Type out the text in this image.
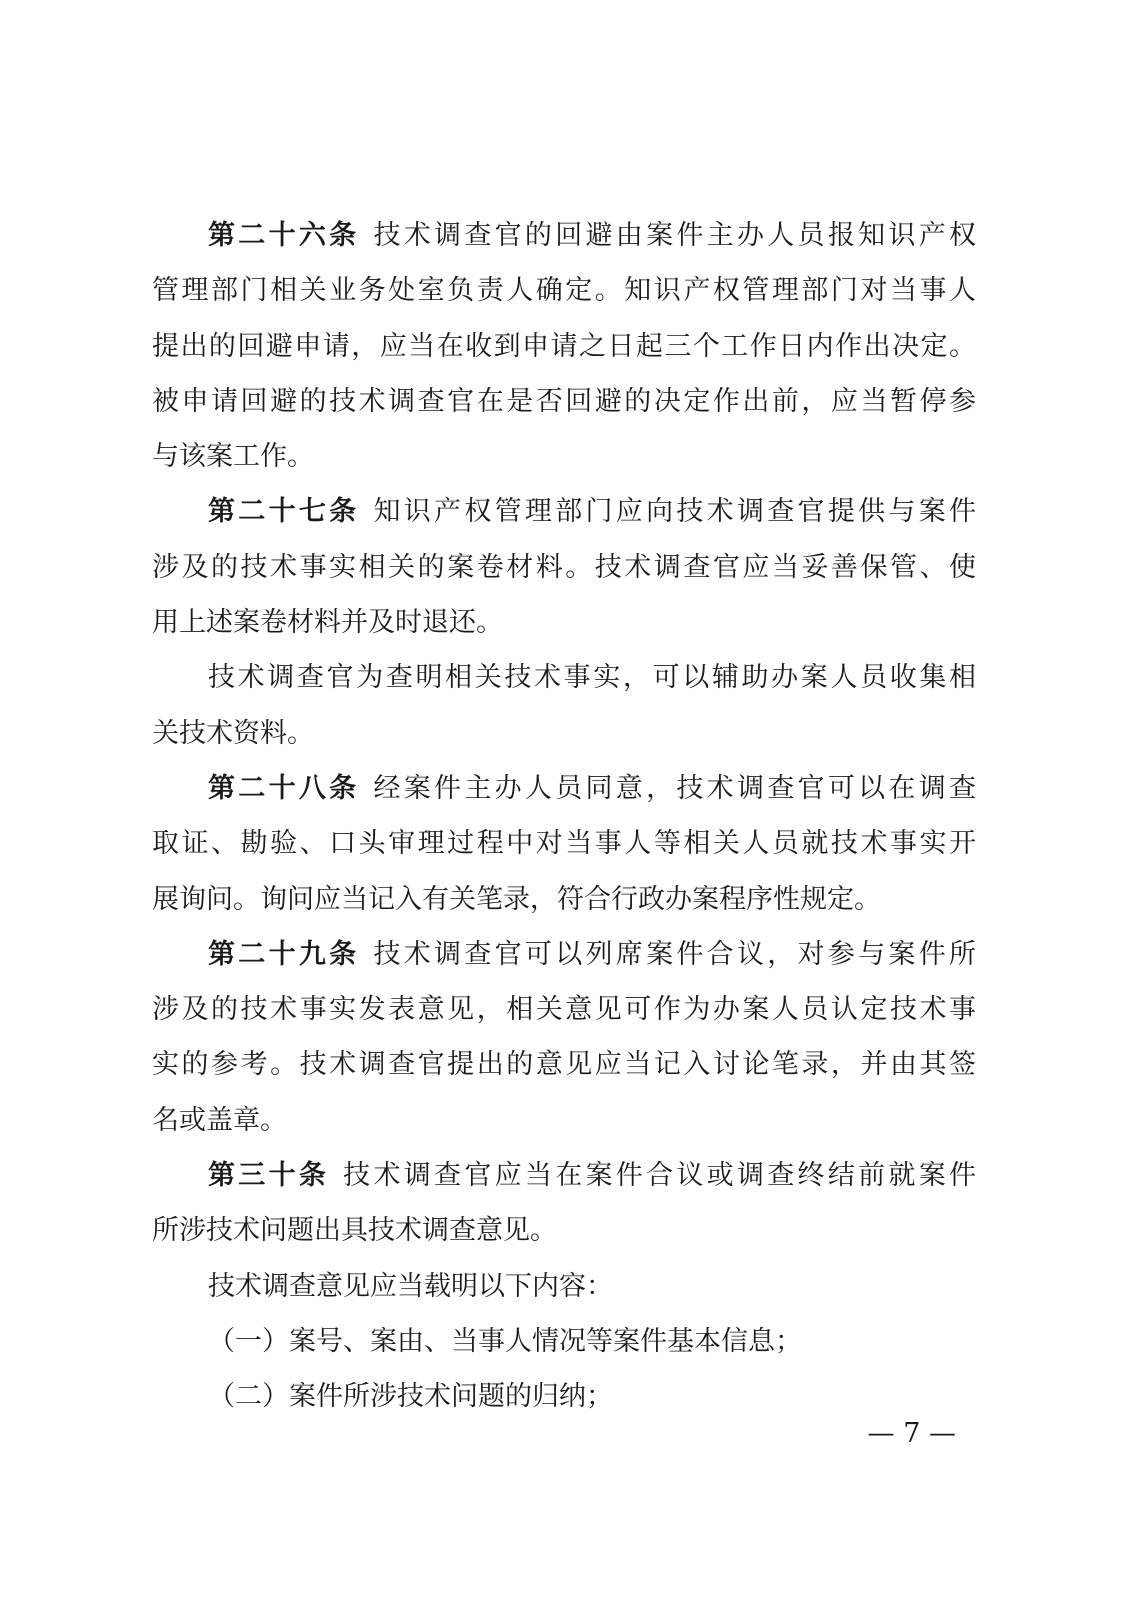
第二十六条 技术调查官的回避由案件主办人员报知识产权
管理部门相关业务处室负责人确定。知识产权管理部门对当事人
提出的回避申请，应当在收到申请之日起三个工作日内作出决定。
被申请回避的技术调查官在是否回避的决定作出前，应当暂停参
与该案工作。
第二十七条 知识产权管理部门应向技术调查官提供与案件
涉及的技术事实相关的案卷材料。技术调查官应当妥善保管、使
用上述案卷材料并及时退还。
技术调查官为查明相关技术事实，可以辅助办案人员收集相
关技术资料。
第二十八条 经案件主办人员同意，技术调查官可以在调查
取证、勘验、口头审理过程中对当事人等相关人员就技术事实开
展询问。询问应当记入有关笔录，符合行政办案程序性规定。
第二十九条 技术调查官可以列席案件合议，对参与案件所
涉及的技术事实发表意见，相关意见可作为办案人员认定技术事
实的参考。技术调查官提出的意见应当记入讨论笔录，并由其签
名或盖章。
第三十条 技术调查官应当在案件合议或调查终结前就案件
所涉技术问题出具技术调查意见。
技术调查意见应当载明以下内容：
（一）案号、案由、当事人情况等案件基本信息；
（二）案件所涉技术问题的归纳；
— 7 —
